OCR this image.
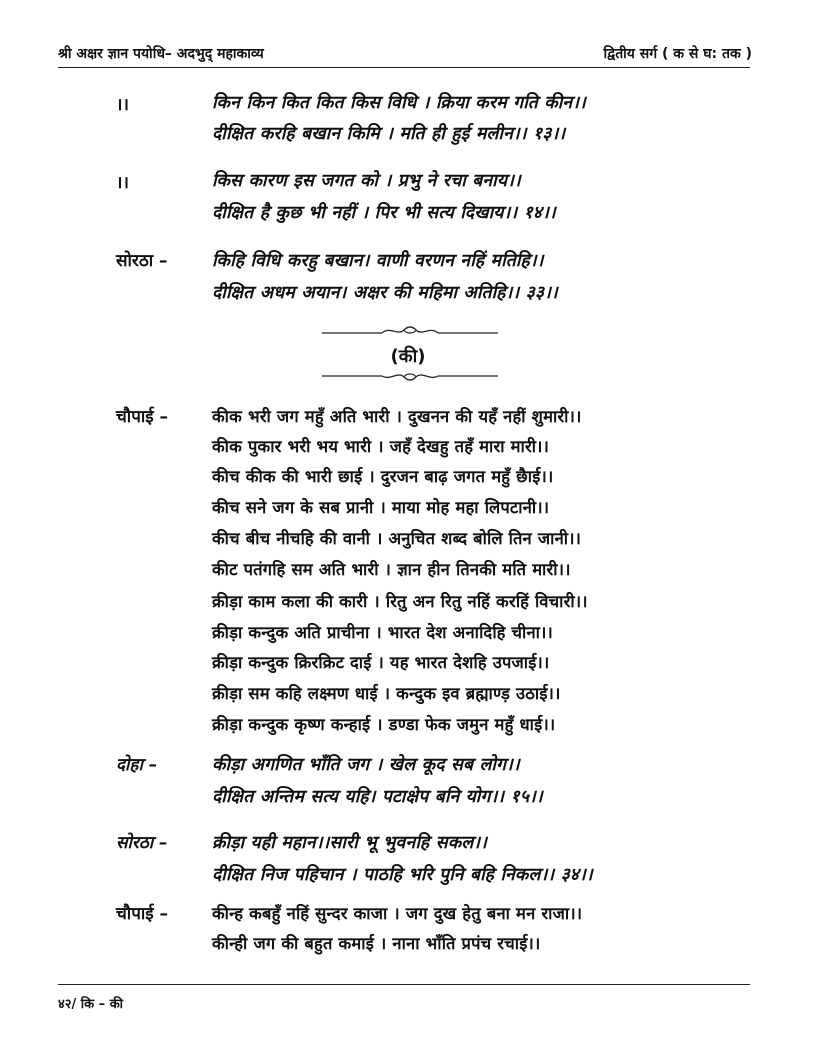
श्री अक्षर ज्ञान पयोधि– अदभुद् महाकाव्य	द्वितीय सर्ग ( क से घ: तक )
।।	किन किन कित कित किस विधि । क्रिया करम गति कीन।।
दीक्षित करहि बखान किमि । मति ही हुई मलीन।। १३।।
।।	किस कारण इस जगत को । प्रभु ने रचा बनाय।।
दीक्षित है कुछ भी नहीं । पिर भी सत्य दिखाय।। १४।।
सोरठा –	किहि विधि करहु बखान। वाणी वरणन नहिं मतिहि।।
दीक्षित अधम अयान। अक्षर की महिमा अतिहि।। ३३।।
(की)
चौपाई –	कीक भरी जग महुँ अति भारी । दुखनन की यहँ नहीं शुमारी।।
कीक पुकार भरी भय भारी । जहँ देखहु तहँ मारा मारी।।
कीच कीक की भारी छाई । दुरजन बाढ़ जगत महुँ छैाई।।
कीच सने जग के सब प्रानी । माया मोह महा लिपटानी।।
कीच बीच नीचहि की वानी । अनुचित शब्द बोलि तिन जानी।।
कीट पतंगहि सम अति भारी । ज्ञान हीन तिनकी मति मारी।।
क्रीड़ा काम कला की कारी । रितु अन रितु नहिं करहिं विचारी।।
क्रीड़ा कन्दुक अति प्राचीना । भारत देश अनादिहि चीना।।
क्रीड़ा कन्दुक क्रिरक्रिट दाई । यह भारत देशहि उपजाई।।
क्रीड़ा सम कहि लक्ष्मण धाई । कन्दुक इव ब्रह्माण्ड़ उठाई।।
क्रीड़ा कन्दुक कृष्ण कन्हाई । डण्डा फेक जमुन महुँ धाई।।
दोहा –	कीड़ा अगणित भाँति जग । खेल कूद सब लोग।।
दीक्षित अन्तिम सत्य यहि। पटाक्षेप बनि योग।। १५।।
सोरठा –	क्रीड़ा यही महान।।सारी भू भुवनहि सकल।।
दीक्षित निज पहिचान । पाठहि भरि पुनि बहि निकल।। ३४।।
चौपाई –	कीन्ह कबहुँ नहिं सुन्दर काजा । जग दुख हेतु बना मन राजा।।
कीन्ही जग की बहुत कमाई । नाना भाँति प्रपंच रचाई।।
४२/ कि – की
